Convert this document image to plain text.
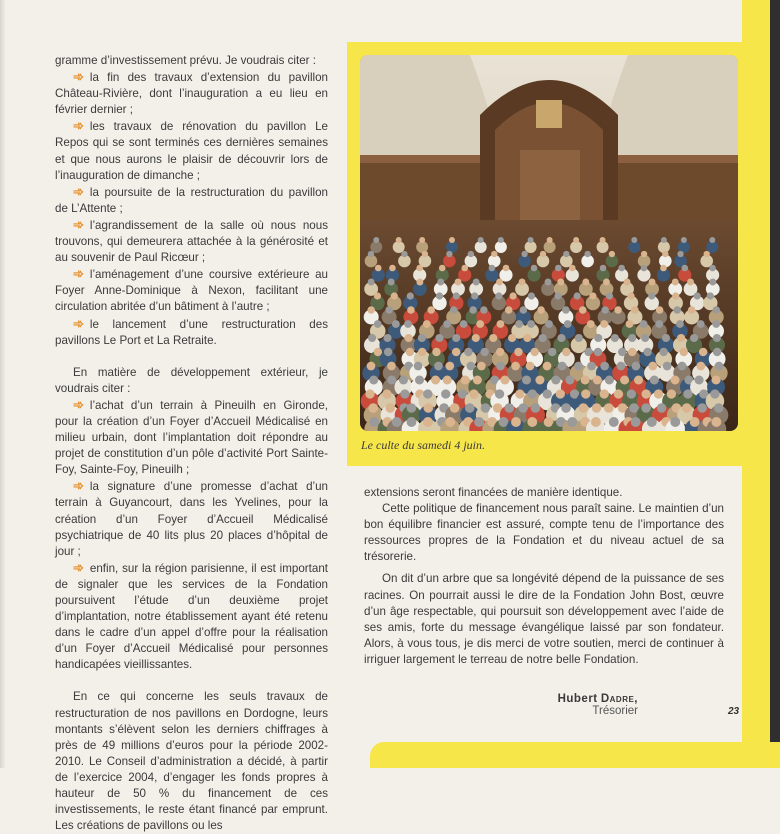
gramme d’investissement prévu. Je voudrais citer :

➾ la fin des travaux d’extension du pavillon Château-Rivière, dont l’inauguration a eu lieu en février dernier ;

➾ les travaux de rénovation du pavillon Le Repos qui se sont terminés ces dernières semaines et que nous aurons le plaisir de découvrir lors de l’inauguration de dimanche ;

➾ la poursuite de la restructuration du pavillon de L’Attente ;

➾ l’agrandissement de la salle où nous nous trouvons, qui demeurera attachée à la générosité et au souvenir de Paul Ricœur ;

➾ l’aménagement d’une coursive extérieure au Foyer Anne-Dominique à Nexon, facilitant une circulation abritée d’un bâtiment à l’autre ;

➾ le lancement d’une restructuration des pavillons Le Port et La Retraite.

En matière de développement extérieur, je voudrais citer :

➾ l’achat d’un terrain à Pineuilh en Gironde, pour la création d’un Foyer d’Accueil Médicalisé en milieu urbain, dont l’implantation doit répondre au projet de constitution d’un pôle d’activité Port Sainte-Foy, Sainte-Foy, Pineuilh ;

➾ la signature d’une promesse d’achat d’un terrain à Guyancourt, dans les Yvelines, pour la création d’un Foyer d’Accueil Médicalisé psychiatrique de 40 lits plus 20 places d’hôpital de jour ;

➾ enfin, sur la région parisienne, il est important de signaler que les services de la Fondation poursuivent l’étude d’un deuxième projet d’implantation, notre établissement ayant été retenu dans le cadre d’un appel d’offre pour la réalisation d’un Foyer d’Accueil Médicalisé pour personnes handicapées vieillissantes.

En ce qui concerne les seuls travaux de restructuration de nos pavillons en Dordogne, leurs montants s’élèvent selon les derniers chiffrages à près de 49 millions d’euros pour la période 2002-2010. Le Conseil d’administration a décidé, à partir de l’exercice 2004, d’engager les fonds propres à hauteur de 50 % du financement de ces investissements, le reste étant financé par emprunt. Les créations de pavillons ou les

Le culte du samedi 4 juin.

extensions seront financées de manière identique.

Cette politique de financement nous paraît saine. Le maintien d’un bon équilibre financier est assuré, compte tenu de l’importance des ressources propres de la Fondation et du niveau actuel de sa trésorerie.

On dit d’un arbre que sa longévité dépend de la puissance de ses racines. On pourrait aussi le dire de la Fondation John Bost, œuvre d’un âge respectable, qui poursuit son développement avec l’aide de ses amis, forte du message évangélique laissé par son fondateur. Alors, à vous tous, je dis merci de votre soutien, merci de continuer à irriguer largement le terreau de notre belle Fondation.

Hubert Dadre,
Trésorier	23
